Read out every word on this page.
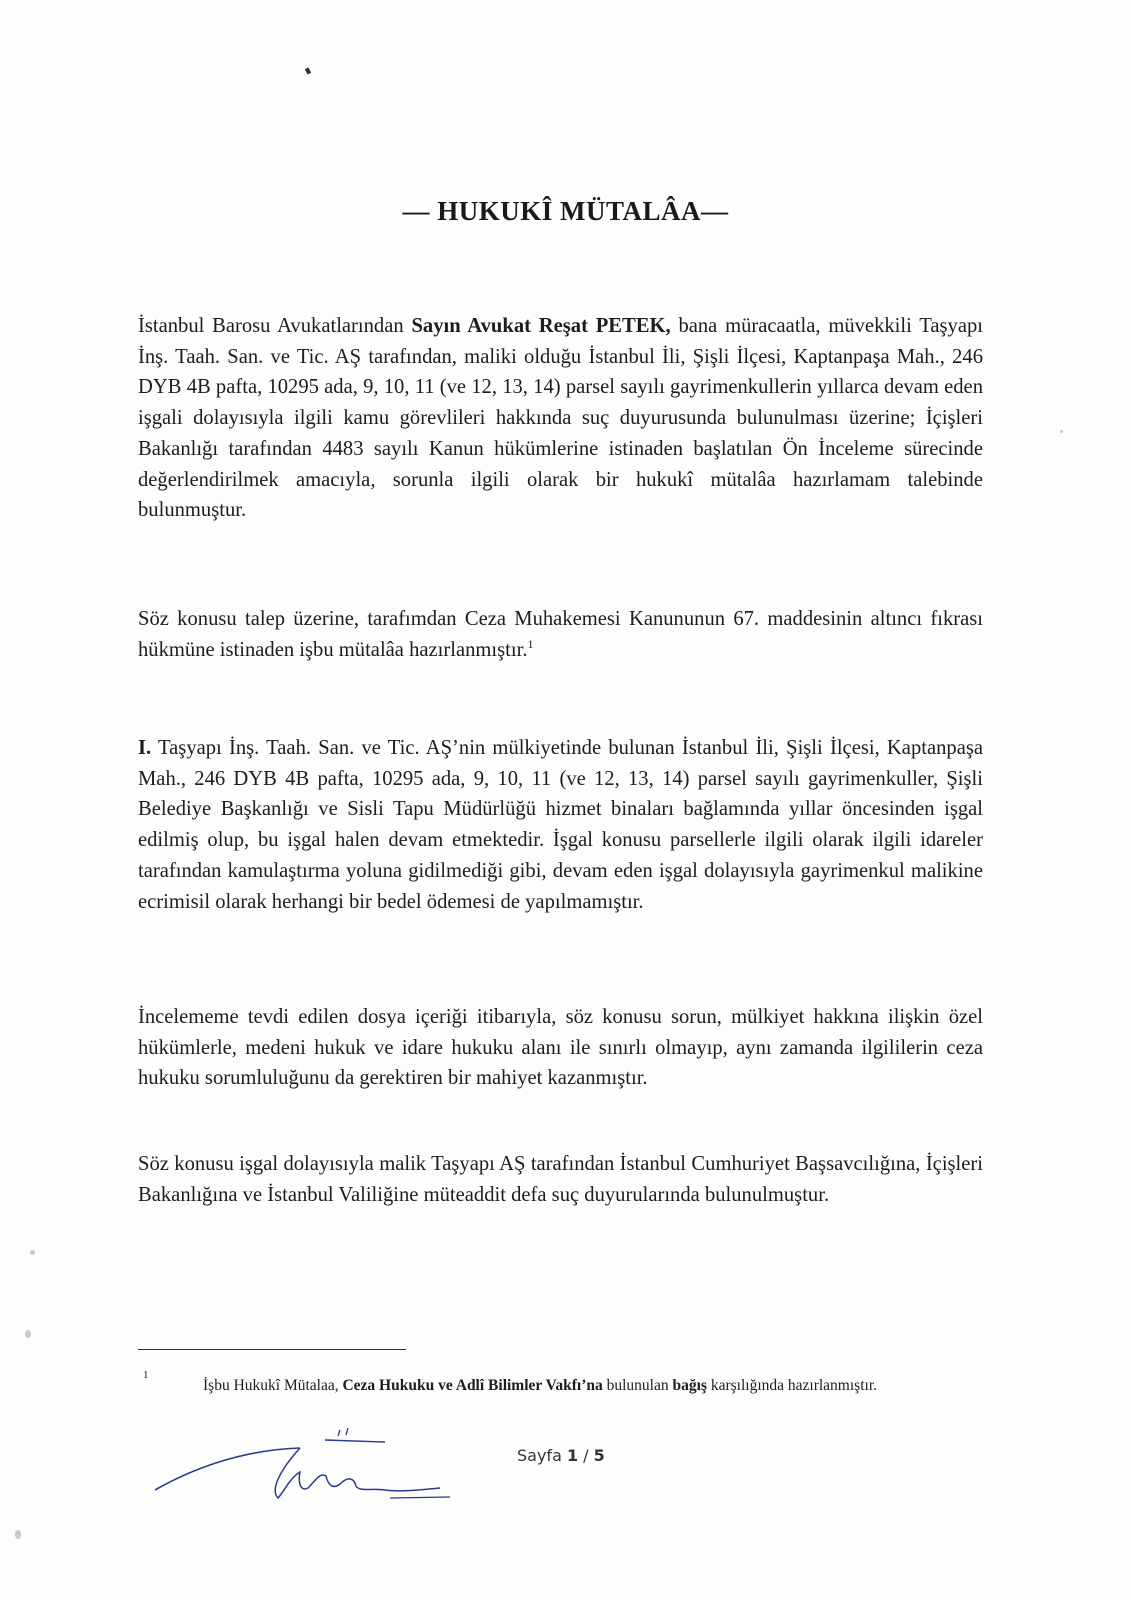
— HUKUKÎ MÜTALÂA—

İstanbul Barosu Avukatlarından Sayın Avukat Reşat PETEK, bana müracaatla, müvekkili Taşyapı İnş. Taah. San. ve Tic. AŞ tarafından, maliki olduğu İstanbul İli, Şişli İlçesi, Kaptanpaşa Mah., 246 DYB 4B pafta, 10295 ada, 9, 10, 11 (ve 12, 13, 14) parsel sayılı gayrimenkullerin yıllarca devam eden işgali dolayısıyla ilgili kamu görevlileri hakkında suç duyurusunda bulunulması üzerine; İçişleri Bakanlığı tarafından 4483 sayılı Kanun hükümlerine istinaden başlatılan Ön İnceleme sürecinde değerlendirilmek amacıyla, sorunla ilgili olarak bir hukukî mütalâa hazırlamam talebinde bulunmuştur.

Söz konusu talep üzerine, tarafımdan Ceza Muhakemesi Kanununun 67. maddesinin altıncı fıkrası hükmüne istinaden işbu mütalâa hazırlanmıştır.$^1$

I. Taşyapı İnş. Taah. San. ve Tic. AŞ’nin mülkiyetinde bulunan İstanbul İli, Şişli İlçesi, Kaptanpaşa Mah., 246 DYB 4B pafta, 10295 ada, 9, 10, 11 (ve 12, 13, 14) parsel sayılı gayrimenkuller, Şişli Belediye Başkanlığı ve Sisli Tapu Müdürlüğü hizmet binaları bağlamında yıllar öncesinden işgal edilmiş olup, bu işgal halen devam etmektedir. İşgal konusu parsellerle ilgili olarak ilgili idareler tarafından kamulaştırma yoluna gidilmediği gibi, devam eden işgal dolayısıyla gayrimenkul malikine ecrimisil olarak herhangi bir bedel ödemesi de yapılmamıştır.

İncelememe tevdi edilen dosya içeriği itibarıyla, söz konusu sorun, mülkiyet hakkına ilişkin özel hükümlerle, medeni hukuk ve idare hukuku alanı ile sınırlı olmayıp, aynı zamanda ilgililerin ceza hukuku sorumluluğunu da gerektiren bir mahiyet kazanmıştır.

Söz konusu işgal dolayısıyla malik Taşyapı AŞ tarafından İstanbul Cumhuriyet Başsavcılığına, İçişleri Bakanlığına ve İstanbul Valiliğine müteaddit defa suç duyurularında bulunulmuştur.

1
İşbu Hukukî Mütalaa, Ceza Hukuku ve Adlî Bilimler Vakfı’na bulunulan bağış karşılığında hazırlanmıştır.
Sayfa 1 / 5
